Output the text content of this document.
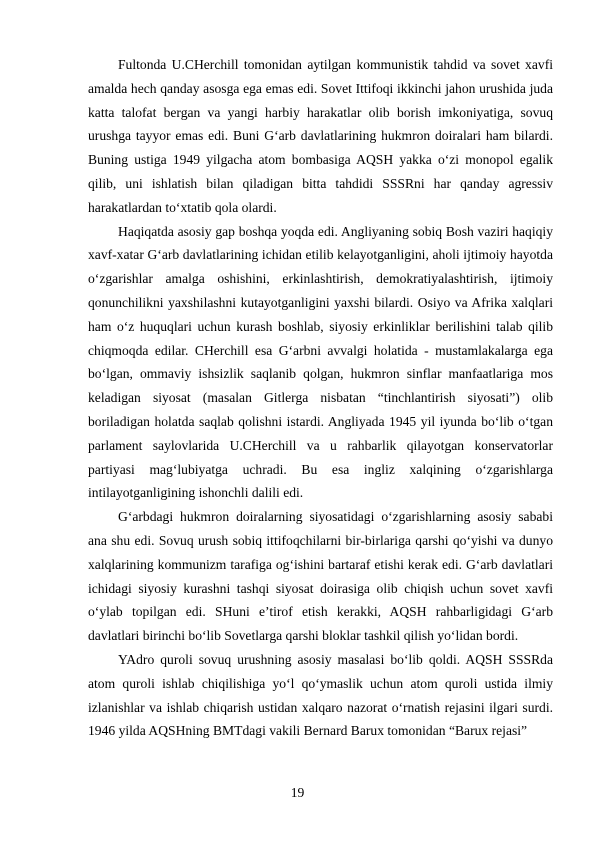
Fultonda U.CHerchill tomonidan aytilgan kommunistik tahdid va sovet xavfi amalda hech qanday asosga ega emas edi. Sovet Ittifoqi ikkinchi jahon urushida juda katta talofat bergan va yangi harbiy harakatlar olib borish imkoniyatiga, sovuq urushga tayyor emas edi. Buni G‘arb davlatlarining hukmron doiralari ham bilardi. Buning ustiga 1949 yilgacha atom bombasiga AQSH yakka o‘zi monopol egalik qilib, uni ishlatish bilan qiladigan bitta tahdidi SSSRni har qanday agressiv harakatlardan to‘xtatib qola olardi.

Haqiqatda asosiy gap boshqa yoqda edi. Angliyaning sobiq Bosh vaziri haqiqiy xavf-xatar G‘arb davlatlarining ichidan etilib kelayotganligini, aholi ijtimoiy hayotda o‘zgarishlar amalga oshishini, erkinlashtirish, demokratiyalashtirish, ijtimoiy qonunchilikni yaxshilashni kutayotganligini yaxshi bilardi. Osiyo va Afrika xalqlari ham o‘z huquqlari uchun kurash boshlab, siyosiy erkinliklar berilishini talab qilib chiqmoqda edilar. CHerchill esa G‘arbni avvalgi holatida - mustamlakalarga ega bo‘lgan, ommaviy ishsizlik saqlanib qolgan, hukmron sinflar manfaatlariga mos keladigan siyosat (masalan Gitlerga nisbatan “tinchlantirish siyosati”) olib boriladigan holatda saqlab qolishni istardi. Angliyada 1945 yil iyunda bo‘lib o‘tgan parlament saylovlarida U.CHerchill va u rahbarlik qilayotgan konservatorlar partiyasi mag‘lubiyatga uchradi. Bu esa ingliz xalqining o‘zgarishlarga intilayotganligining ishonchli dalili edi.

G‘arbdagi hukmron doiralarning siyosatidagi o‘zgarishlarning asosiy sababi ana shu edi. Sovuq urush sobiq ittifoqchilarni bir-birlariga qarshi qo‘yishi va dunyo xalqlarining kommunizm tarafiga og‘ishini bartaraf etishi kerak edi. G‘arb davlatlari ichidagi siyosiy kurashni tashqi siyosat doirasiga olib chiqish uchun sovet xavfi o‘ylab topilgan edi. SHuni e’tirof etish kerakki, AQSH rahbarligidagi G‘arb davlatlari birinchi bo‘lib Sovetlarga qarshi bloklar tashkil qilish yo‘lidan bordi.

YAdro quroli sovuq urushning asosiy masalasi bo‘lib qoldi. AQSH SSSRda atom quroli ishlab chiqilishiga yo‘l qo‘ymaslik uchun atom quroli ustida ilmiy izlanishlar va ishlab chiqarish ustidan xalqaro nazorat o‘rnatish rejasini ilgari surdi. 1946 yilda AQSHning BMTdagi vakili Bernard Barux tomonidan “Barux rejasi”

19
